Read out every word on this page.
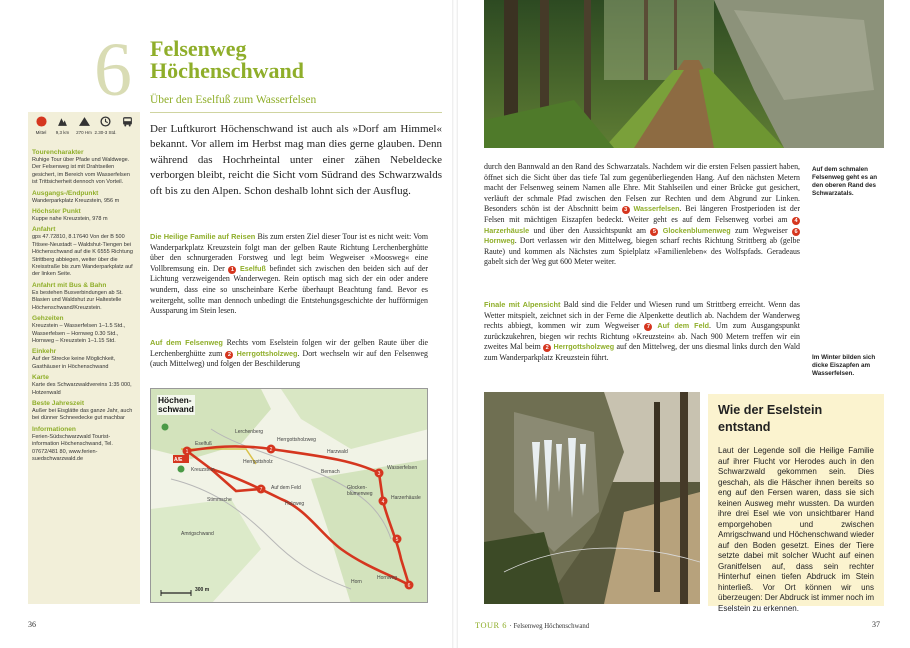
6 Felsenweg
Höchenschwand
Über den Eselfuß zum Wasserfelsen
Mittel 9,3 km 270 Hm 2.30-3 Std.
Tourencharakter
Ruhige Tour über Pfade und Waldwege. Der Felsenweg ist mit Drahtseilen gesichert, im Bereich vom Wasserfelsen ist Trittsicherheit dennoch von Vorteil.
Ausgangs-/Endpunkt
Wanderparkplatz Kreuzstein, 956 m
Höchster Punkt
Kuppe nahe Kreuzstein, 978 m
Anfahrt
gps 47.72810, 8.17640 Von der B 500 Titisee-Neustadt – Waldshut-Tiengen bei Höchenschwand auf die K 6555 Richtung Strittberg abbiegen, weiter über die Kreisstraße bis zum Wanderparkplatz auf der linken Seite.
Anfahrt mit Bus & Bahn
Es bestehen Busverbindungen ab St. Blasien und Waldshut zur Haltestelle Höchenschwand/Kreuzstein.
Gehzeiten
Kreuzstein – Wasserfelsen 1–1.5 Std., Wasserfelsen – Hornweg 0.30 Std., Hornweg – Kreuzstein 1–1.15 Std.
Einkehr
Auf der Strecke keine Möglichkeit, Gasthäuser in Höchenschwand
Karte
Karte des Schwarzwaldvereins 1:35 000, Hotzenwald
Beste Jahreszeit
Außer bei Eisglätte das ganze Jahr, auch bei dünner Schneedecke gut machbar
Informationen
Ferien-Südschwarzwald Tourist-information Höchenschwand, Tel. 07672/481 80, www.ferien-suedschwarzwald.de
Der Luftkurort Höchenschwand ist auch als »Dorf am Himmel« bekannt. Vor allem im Herbst mag man dies gerne glauben. Denn während das Hochrheintal unter einer zähen Nebeldecke verborgen bleibt, reicht die Sicht vom Südrand des Schwarzwalds oft bis zu den Alpen. Schon deshalb lohnt sich der Ausflug.
Die Heilige Familie auf Reisen Bis zum ersten Ziel dieser Tour ist es nicht weit: Vom Wanderparkplatz Kreuzstein folgt man der gelben Raute Richtung Lerchenberghütte über den schnurgeraden Forstweg und legt beim Wegweiser »Moosweg« eine Vollbremsung ein. Der 1 Eselfuß befindet sich zwischen den beiden sich auf der Lichtung verzweigenden Wanderwegen. Rein optisch mag sich der ein oder andere wundern, dass eine so unscheinbare Kerbe überhaupt Beachtung fand. Bevor es weitergeht, sollte man dennoch unbedingt die Entstehungsgeschichte der hufförmigen Aussparung im Stein lesen.
Auf dem Felsenweg Rechts vom Eselstein folgen wir der gelben Raute über die Lerchenberghütte zum 2 Herrgottsholzweg. Dort wechseln wir auf den Felsenweg (auch Mittelweg) und folgen der Beschilderung
1	2
3
4
5
6
7
Höchen-
schwand
Lerchenberg
Eselfuß
Kreuzstein
Herrgottsholzweg
Herrgottsholz
Auf dem Feld	Glocken-blumenweg
Wasserfelsen
Harzerhäusle
Stimmsche
Amrigschwand
Holzweg
Bernach
Horn
Harzwald
Hornweg
A/E
300 m
36
durch den Bannwald an den Rand des Schwarzatals. Nachdem wir die ersten Felsen passiert haben, öffnet sich die Sicht über das tiefe Tal zum gegenüberliegenden Hang. Auf den nächsten Metern macht der Felsenweg seinem Namen alle Ehre. Mit Stahlseilen und einer Brücke gut gesichert, verläuft der schmale Pfad zwischen den Felsen zur Rechten und dem Abgrund zur Linken. Besonders schön ist der Abschnitt beim 3 Wasserfelsen. Bei längeren Frostperioden ist der Felsen mit mächtigen Eiszapfen bedeckt. Weiter geht es auf dem Felsenweg vorbei am 4 Harzerhäusle und über den Aussichtspunkt am 5 Glockenblumenweg zum Wegweiser 6 Hornweg. Dort verlassen wir den Mittelweg, biegen scharf rechts Richtung Strittberg ab (gelbe Raute) und kommen als Nächstes zum Spielplatz »Familienleben« des Wolfspfads. Geradeaus gabelt sich der Weg gut 600 Meter weiter.
Finale mit Alpensicht Bald sind die Felder und Wiesen rund um Strittberg erreicht. Wenn das Wetter mitspielt, zeichnet sich in der Ferne die Alpenkette deutlich ab. Nachdem der Wanderweg rechts abbiegt, kommen wir zum Wegweiser 7 Auf dem Feld. Um zum Ausgangspunkt zurückzukehren, biegen wir rechts Richtung »Kreuzstein« ab. Nach 900 Metern treffen wir ein zweites Mal beim 2 Herrgottsholzweg auf den Mittelweg, der uns diesmal links durch den Wald zum Wanderparkplatz Kreuzstein führt.
Auf dem schmalen Felsenweg geht es an den oberen Rand des Schwarzatals.
Im Winter bilden sich dicke Eiszapfen am Wasserfelsen.
Wie der Eselstein
entstand
Laut der Legende soll die Heilige Familie auf ihrer Flucht vor Herodes auch in den Schwarzwald gekommen sein. Dies geschah, als die Häscher ihnen bereits so eng auf den Fersen waren, dass sie sich keinen Ausweg mehr wussten. Da wurden ihre drei Esel wie von unsichtbarer Hand emporgehoben und zwischen Amrigschwand und Höchenschwand wieder auf den Boden gesetzt. Eines der Tiere setzte dabei mit solcher Wucht auf einen Granitfelsen auf, dass sein rechter Hinterhuf einen tiefen Abdruck im Stein hinterließ. Vor Ort können wir uns überzeugen: Der Abdruck ist immer noch im Eselstein zu erkennen.
TOUR 6 · Felsenweg Höchenschwand	37
